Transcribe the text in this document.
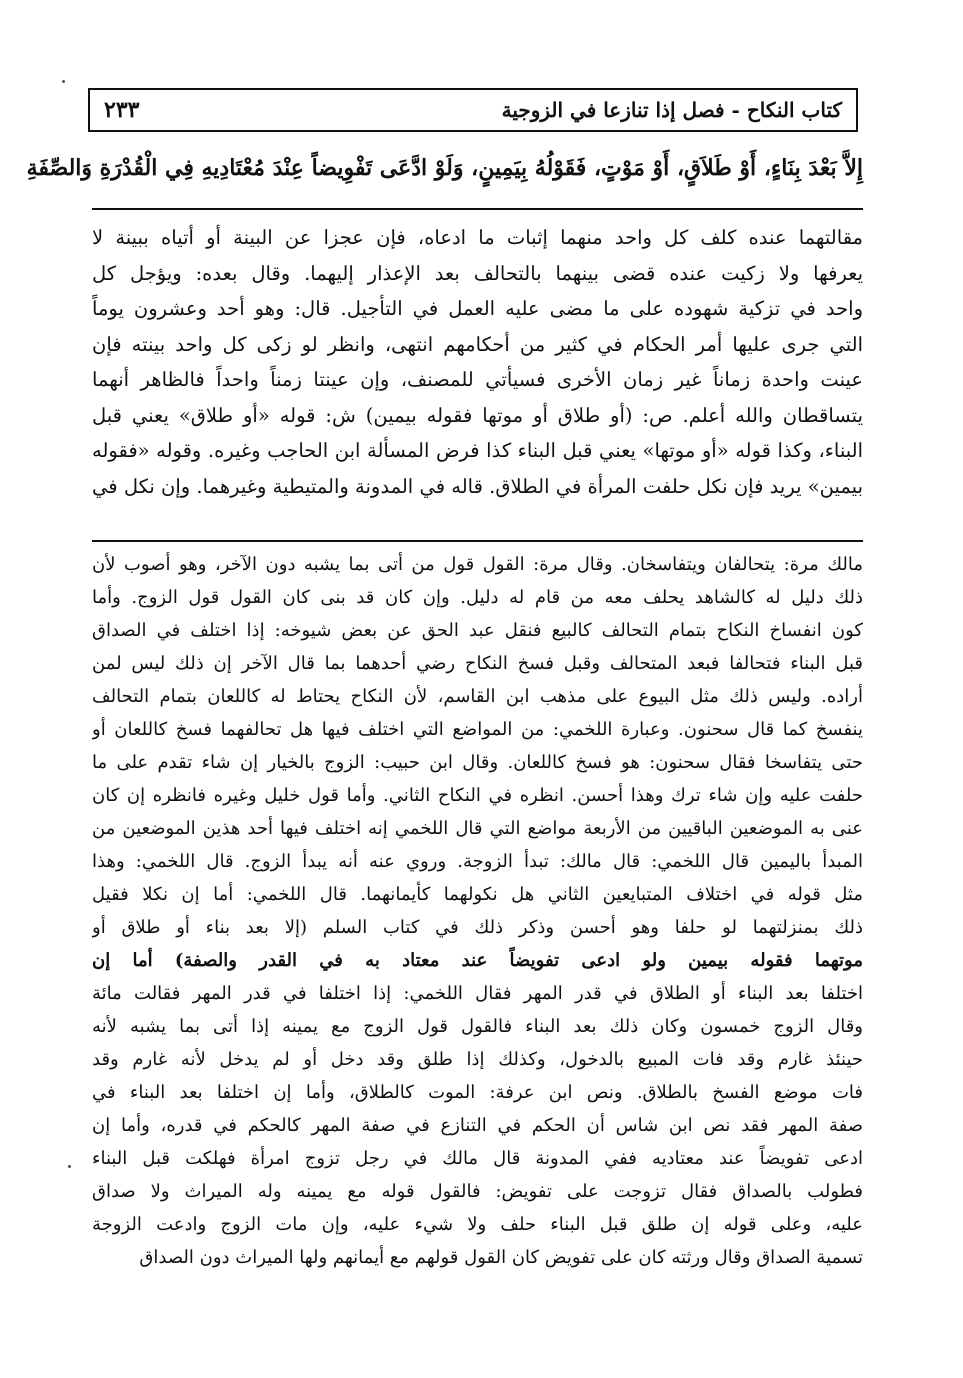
كتاب النكاح - فصل إذا تنازعا في الزوجية
٢٣٣
إِلاَّ بَعْدَ بِنَاءٍ، أَوْ طَلاَقٍ، أَوْ مَوْتٍ، فَقَوْلُهُ بِيَمِينٍ، وَلَوْ ادَّعَى تَفْوِيضاً عِنْدَ مُعْتَادِيهِ فِي الْقُدْرَةِ وَالصِّفَةِ
مقالتهما عنده كلف كل واحد منهما إثبات ما ادعاه، فإن عجزا عن البينة أو أتياه ببينة لا
يعرفها ولا زكيت عنده قضى بينهما بالتحالف بعد الإعذار إليهما. وقال بعده: ويؤجل كل
واحد في تزكية شهوده على ما مضى عليه العمل في التأجيل. قال: وهو أحد وعشرون يوماً
التي جرى عليها أمر الحكام في كثير من أحكامهم انتهى، وانظر لو زكى كل واحد بينته فإن
عينت واحدة زماناً غير زمان الأخرى فسيأتي للمصنف، وإن عينتا زمناً واحداً فالظاهر أنهما
يتساقطان والله أعلم. ص: (أو طلاق أو موتها فقوله بيمين) ش: قوله «أو طلاق» يعني قبل
البناء، وكذا قوله «أو موتها» يعني قبل البناء كذا فرض المسألة ابن الحاجب وغيره. وقوله «فقوله
بيمين» يريد فإن نكل حلفت المرأة في الطلاق. قاله في المدونة والمتيطية وغيرهما. وإن نكل في
مالك مرة: يتحالفان ويتفاسخان. وقال مرة: القول قول من أتى بما يشبه دون الآخر، وهو أصوب لأن
ذلك دليل له كالشاهد يحلف معه من قام له دليل. وإن كان قد بنى كان القول قول الزوج. وأما
كون انفساخ النكاح بتمام التحالف كالبيع فنقل عبد الحق عن بعض شيوخه: إذا اختلف في الصداق
قبل البناء فتحالفا فبعد المتحالف وقبل فسخ النكاح رضي أحدهما بما قال الآخر إن ذلك ليس لمن
أراده. وليس ذلك مثل البيوع على مذهب ابن القاسم، لأن النكاح يحتاط له كاللعان بتمام التحالف
ينفسخ كما قال سحنون. وعبارة اللخمي: من المواضع التي اختلف فيها هل تحالفهما فسخ كاللعان أو
حتى يتفاسخا فقال سحنون: هو فسخ كاللعان. وقال ابن حبيب: الزوج بالخيار إن شاء تقدم على ما
حلفت عليه وإن شاء ترك وهذا أحسن. انظره في النكاح الثاني. وأما قول خليل وغيره فانظره إن كان
عنى به الموضعين الباقيين من الأربعة مواضع التي قال اللخمي إنه اختلف فيها أحد هذين الموضعين من
المبدأ باليمين قال اللخمي: قال مالك: تبدأ الزوجة. وروي عنه أنه يبدأ الزوج. قال اللخمي: وهذا
مثل قوله في اختلاف المتبايعين الثاني هل نكولهما كأيمانهما. قال اللخمي: أما إن نكلا فقيل
ذلك بمنزلتهما لو حلفا وهو أحسن وذكر ذلك في كتاب السلم (إلا بعد بناء أو طلاق أو
موتهما فقوله بيمين ولو ادعى تفويضاً عند معتاد به في القدر والصفة) أما إن
اختلفا بعد البناء أو الطلاق في قدر المهر فقال اللخمي: إذا اختلفا في قدر المهر فقالت مائة
وقال الزوج خمسون وكان ذلك بعد البناء فالقول قول الزوج مع يمينه إذا أتى بما يشبه لأنه
حينئذ غارم وقد فات المبيع بالدخول، وكذلك إذا طلق وقد دخل أو لم يدخل لأنه غارم وقد
فات موضع الفسخ بالطلاق. ونص ابن عرفة: الموت كالطلاق، وأما إن اختلفا بعد البناء في
صفة المهر فقد نص ابن شاس أن الحكم في التنازع في صفة المهر كالحكم في قدره، وأما إن
ادعى تفويضاً عند معتاديه ففي المدونة قال مالك في رجل تزوج امرأة فهلكت قبل البناء
فطولب بالصداق فقال تزوجت على تفويض: فالقول قوله مع يمينه وله الميراث ولا صداق
عليه، وعلى قوله إن طلق قبل البناء حلف ولا شيء عليه، وإن مات الزوج وادعت الزوجة
تسمية الصداق وقال ورثته كان على تفويض كان القول قولهم مع أيمانهم ولها الميراث دون الصداق
